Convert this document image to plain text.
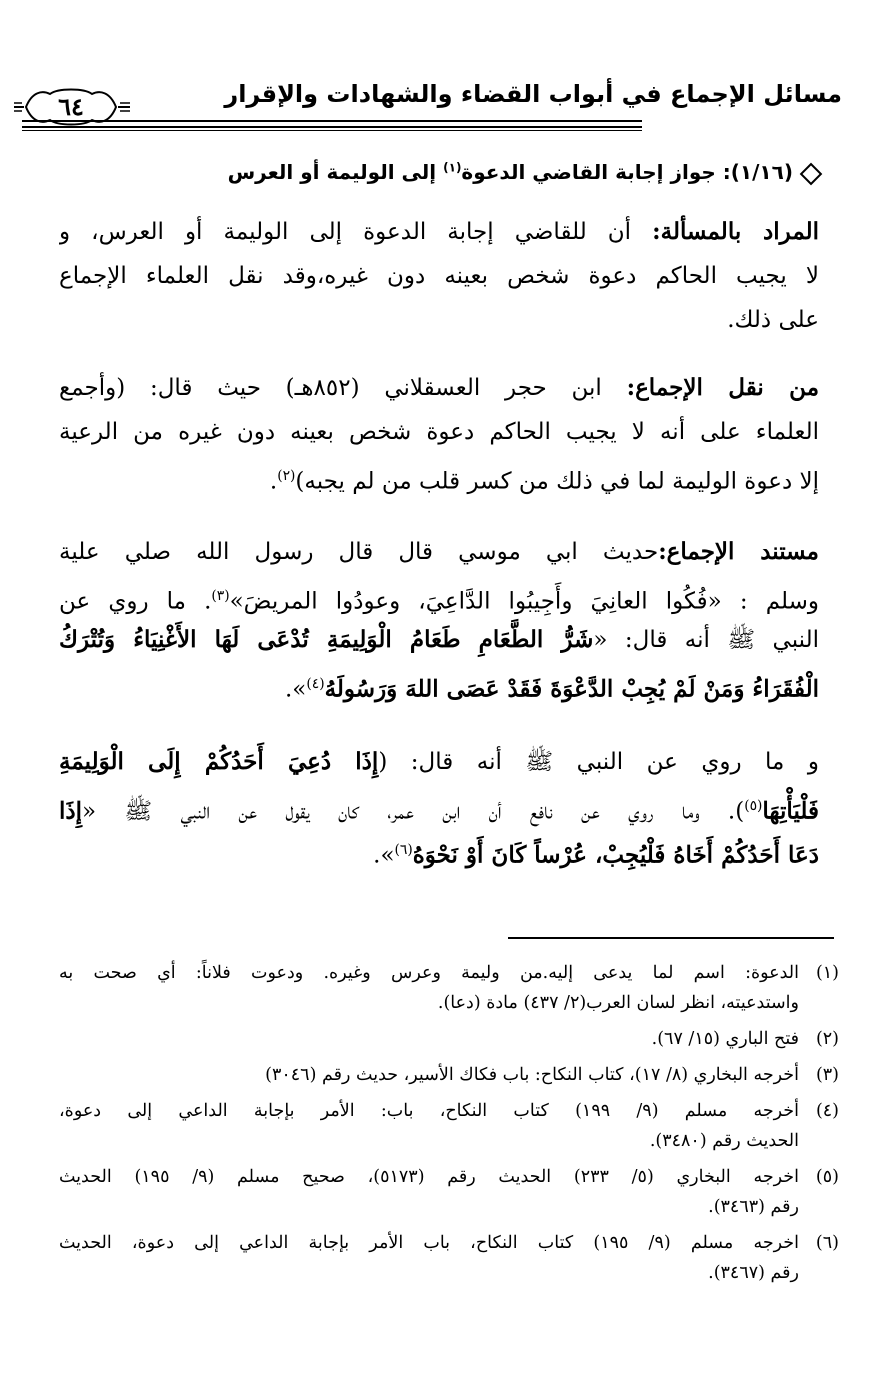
مسائل الإجماع في أبواب القضاء والشهادات والإقرار
٦٤
(١/١٦): جواز إجابة القاضي الدعوة$^{(١)}$ إلى الوليمة أو العرس
المراد بالمسألة: أن للقاضي إجابة الدعوة إلى الوليمة أو العرس، و
لا يجيب الحاكم دعوة شخص بعينه دون غيره،وقد نقل العلماء الإجماع
على ذلك.
من نقل الإجماع: ابن حجر العسقلاني (٨٥٢هـ) حيث قال: (وأجمع
العلماء على أنه لا يجيب الحاكم دعوة شخص بعينه دون غيره من الرعية
إلا دعوة الوليمة لما في ذلك من كسر قلب من لم يجبه)$^{(٢)}$.
مستند الإجماع:حديث ابي موسي قال قال رسول الله صلي علية
وسلم : «فُكُوا العانِيَ وأَجِيبُوا الدَّاعِيَ، وعودُوا المريضَ»$^{(٣)}$. ما روي عن
النبي ﷺ أنه قال: «شَرُّ الطَّعَامِ طَعَامُ الْوَلِيمَةِ تُدْعَى لَهَا الأَغْنِيَاءُ وَتُتْرَكُ
الْفُقَرَاءُ وَمَنْ لَمْ يُجِبْ الدَّعْوَةَ فَقَدْ عَصَى اللهَ وَرَسُولَهُ$^{(٤)}$».
و ما روي عن النبي ﷺ أنه قال: (إِذَا دُعِيَ أَحَدُكُمْ إِلَى الْوَلِيمَةِ
فَلْيَأْتِهَا$^{(٥)}$). وما روي عن نافع أن ابن عمر، كان يقول عن النبي ﷺ «إِذَا
دَعَا أَحَدُكُمْ أَخَاهُ فَلْيُجِبْ، عُرْساً كَانَ أَوْ نَحْوَهُ$^{(٦)}$».
(١)الدعوة: اسم لما يدعى إليه.من وليمة وعرس وغيره. ودعوت فلاناً: أي صحت به
واستدعيته، انظر لسان العرب(٢/ ٤٣٧) مادة (دعا).
(٢)فتح الباري (١٥/ ٦٧).
(٣)أخرجه البخاري (٨/ ١٧)، كتاب النكاح: باب فكاك الأسير، حديث رقم (٣٠٤٦)
(٤)أخرجه مسلم (٩/ ١٩٩) كتاب النكاح، باب: الأمر بإجابة الداعي إلى دعوة،
الحديث رقم (٣٤٨٠).
(٥)اخرجه البخاري (٥/ ٢٣٣) الحديث رقم (٥١٧٣)، صحيح مسلم (٩/ ١٩٥) الحديث
رقم (٣٤٦٣).
(٦)اخرجه مسلم (٩/ ١٩٥) كتاب النكاح، باب الأمر بإجابة الداعي إلى دعوة، الحديث
رقم (٣٤٦٧).
